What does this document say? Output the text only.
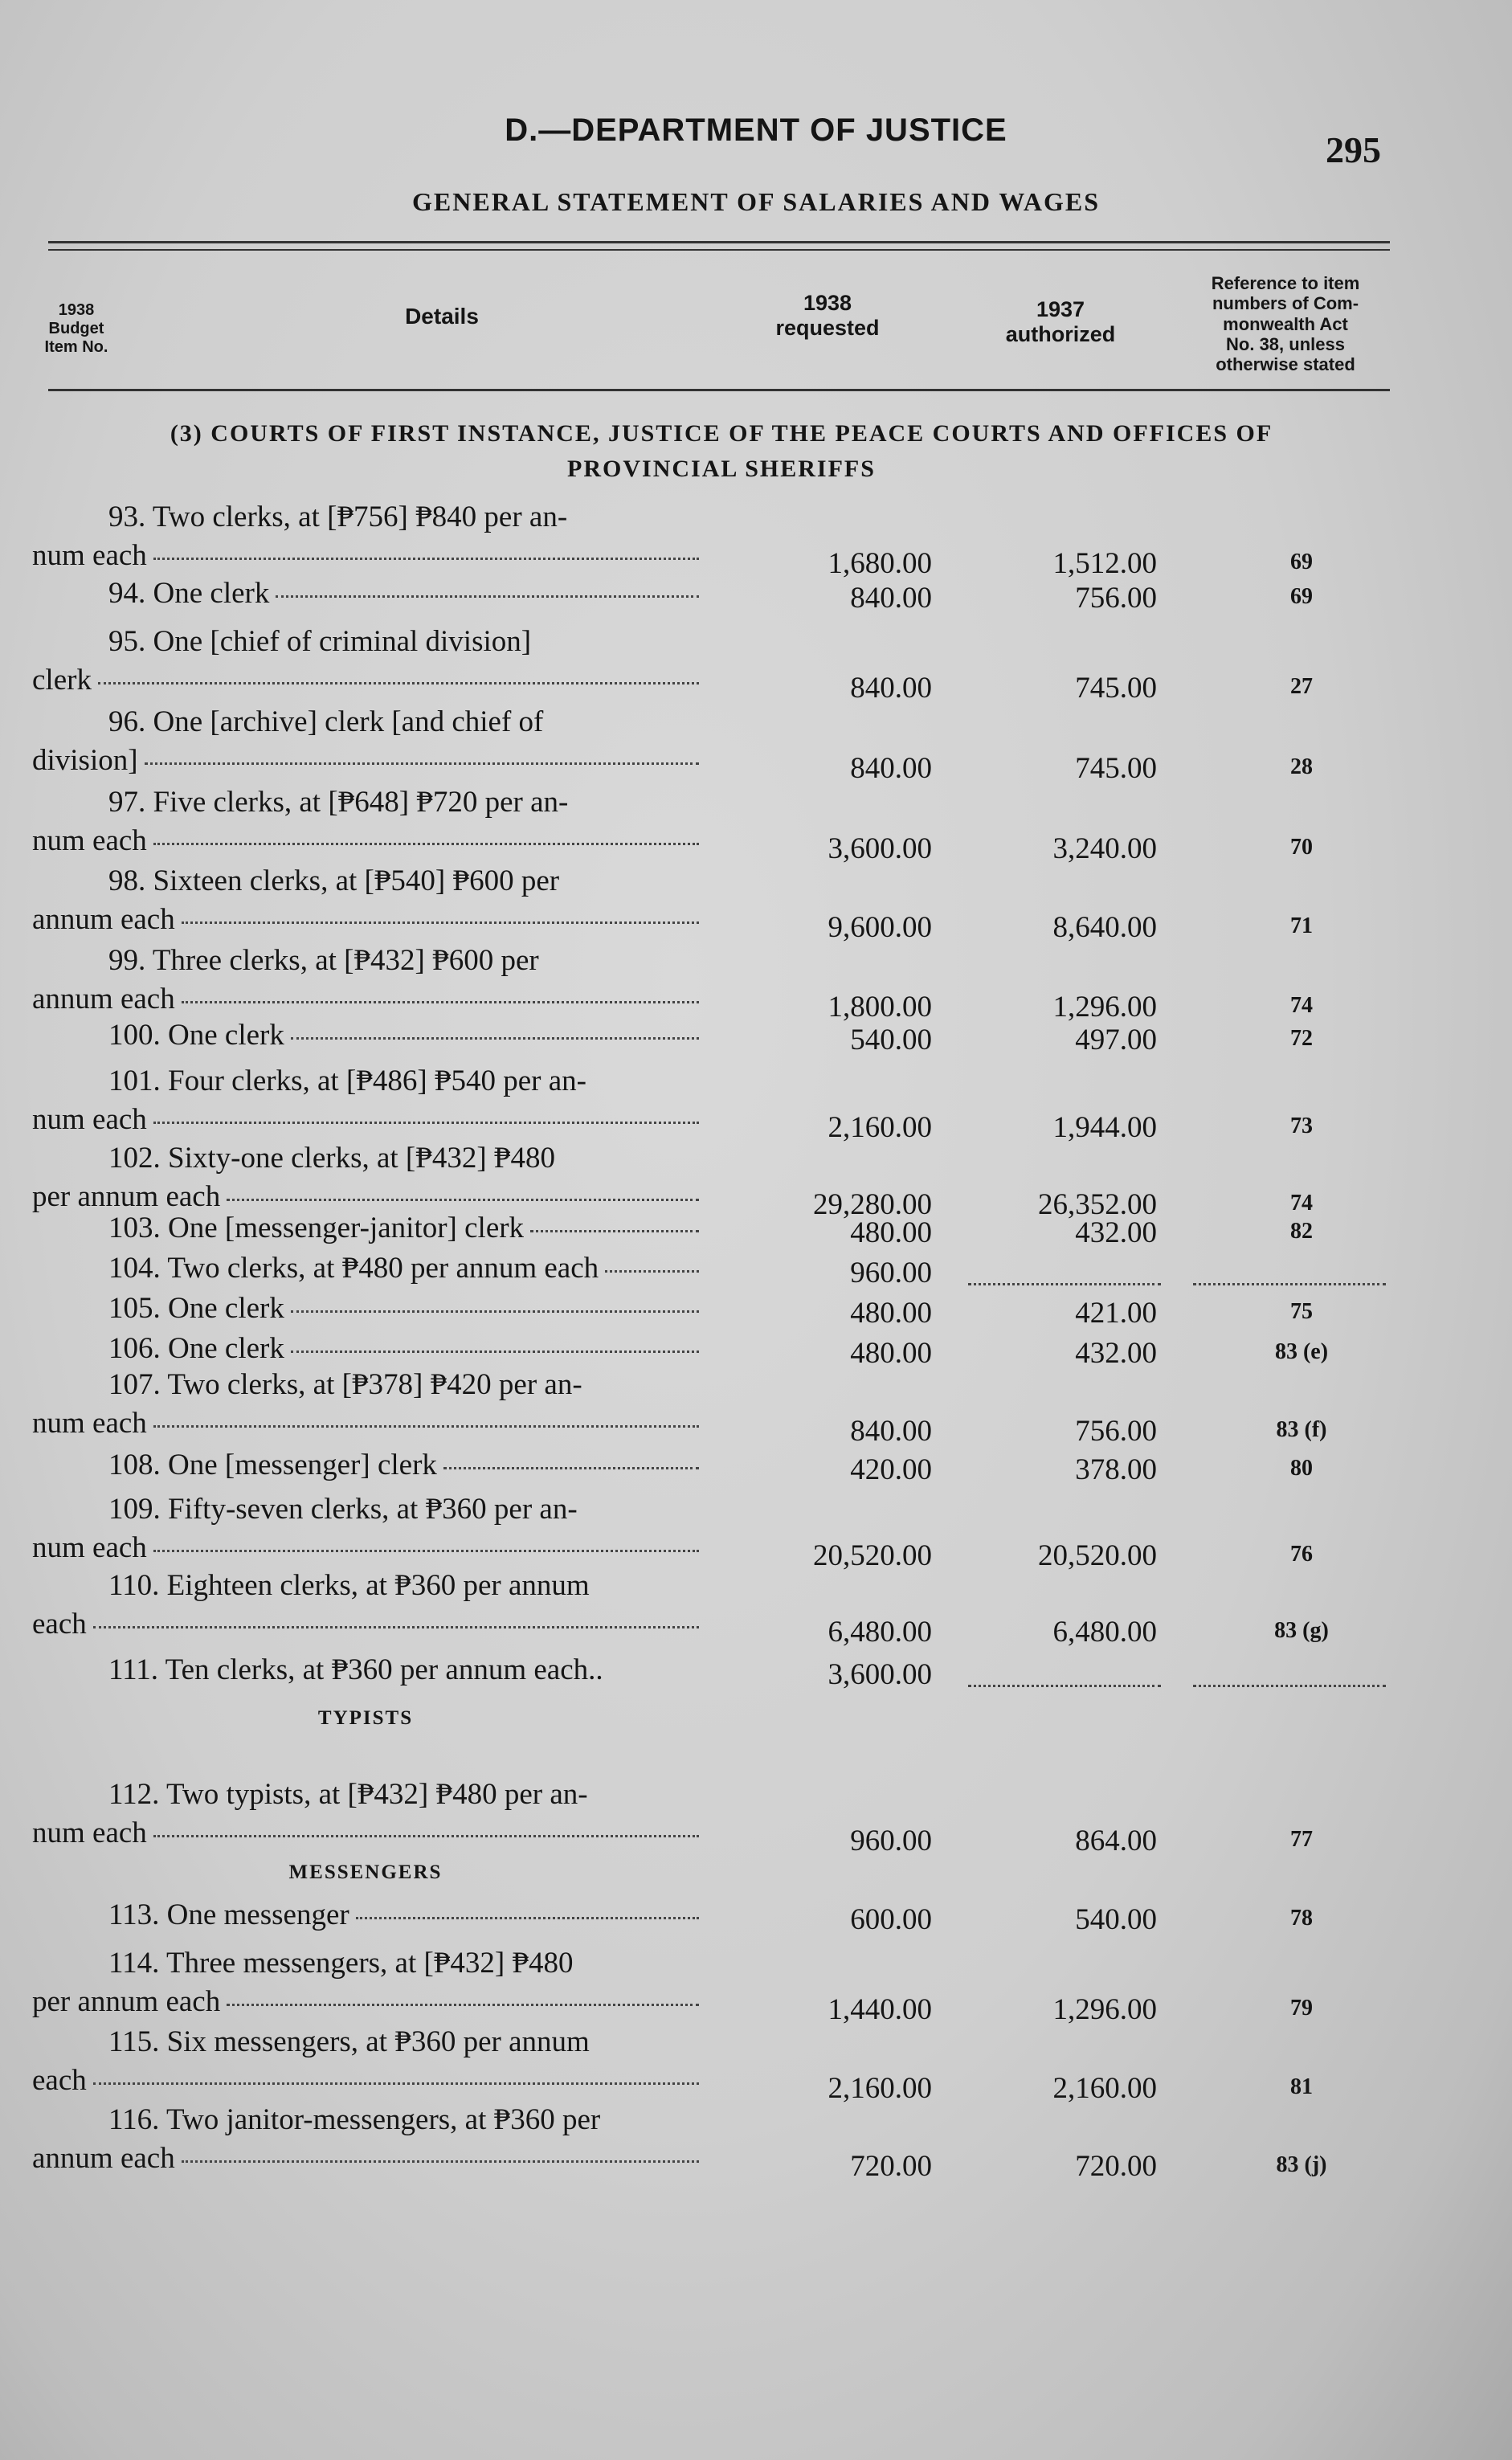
D.—DEPARTMENT OF JUSTICE	295
GENERAL STATEMENT OF SALARIES AND WAGES
1938
Budget
Item No.
Details
1938
requested
1937
authorized
Reference to item
numbers of Com-
monwealth Act
No. 38, unless
otherwise stated
(3) COURTS OF FIRST INSTANCE, JUSTICE OF THE PEACE COURTS AND OFFICES OF
PROVINCIAL SHERIFFS
93. Two clerks, at [₱756] ₱840 per an-
num each	1,680.00	1,512.00	69
94. One clerk	840.00	756.00	69
95. One [chief of criminal division]
clerk	840.00	745.00	27
96. One [archive] clerk [and chief of
division]	840.00	745.00	28
97. Five clerks, at [₱648] ₱720 per an-
num each	3,600.00	3,240.00	70
98. Sixteen clerks, at [₱540] ₱600 per
annum each	9,600.00	8,640.00	71
99. Three clerks, at [₱432] ₱600 per
annum each	1,800.00	1,296.00	74
100. One clerk	540.00	497.00	72
101. Four clerks, at [₱486] ₱540 per an-
num each	2,160.00	1,944.00	73
102. Sixty-one clerks, at [₱432] ₱480
per annum each	29,280.00	26,352.00	74
103. One [messenger-janitor] clerk	480.00	432.00	82
104. Two clerks, at ₱480 per annum each	960.00
105. One clerk	480.00	421.00	75
106. One clerk	480.00	432.00	83 (e)
107. Two clerks, at [₱378] ₱420 per an-
num each	840.00	756.00	83 (f)
108. One [messenger] clerk	420.00	378.00	80
109. Fifty-seven clerks, at ₱360 per an-
num each	20,520.00	20,520.00	76
110. Eighteen clerks, at ₱360 per annum
each	6,480.00	6,480.00	83 (g)
111. Ten clerks, at ₱360 per annum each..	3,600.00
112. Two typists, at [₱432] ₱480 per an-
num each	960.00	864.00	77
113. One messenger	600.00	540.00	78
114. Three messengers, at [₱432] ₱480
per annum each	1,440.00	1,296.00	79
115. Six messengers, at ₱360 per annum
each	2,160.00	2,160.00	81
116. Two janitor-messengers, at ₱360 per
annum each	720.00	720.00	83 (j)
TYPISTS
MESSENGERS
